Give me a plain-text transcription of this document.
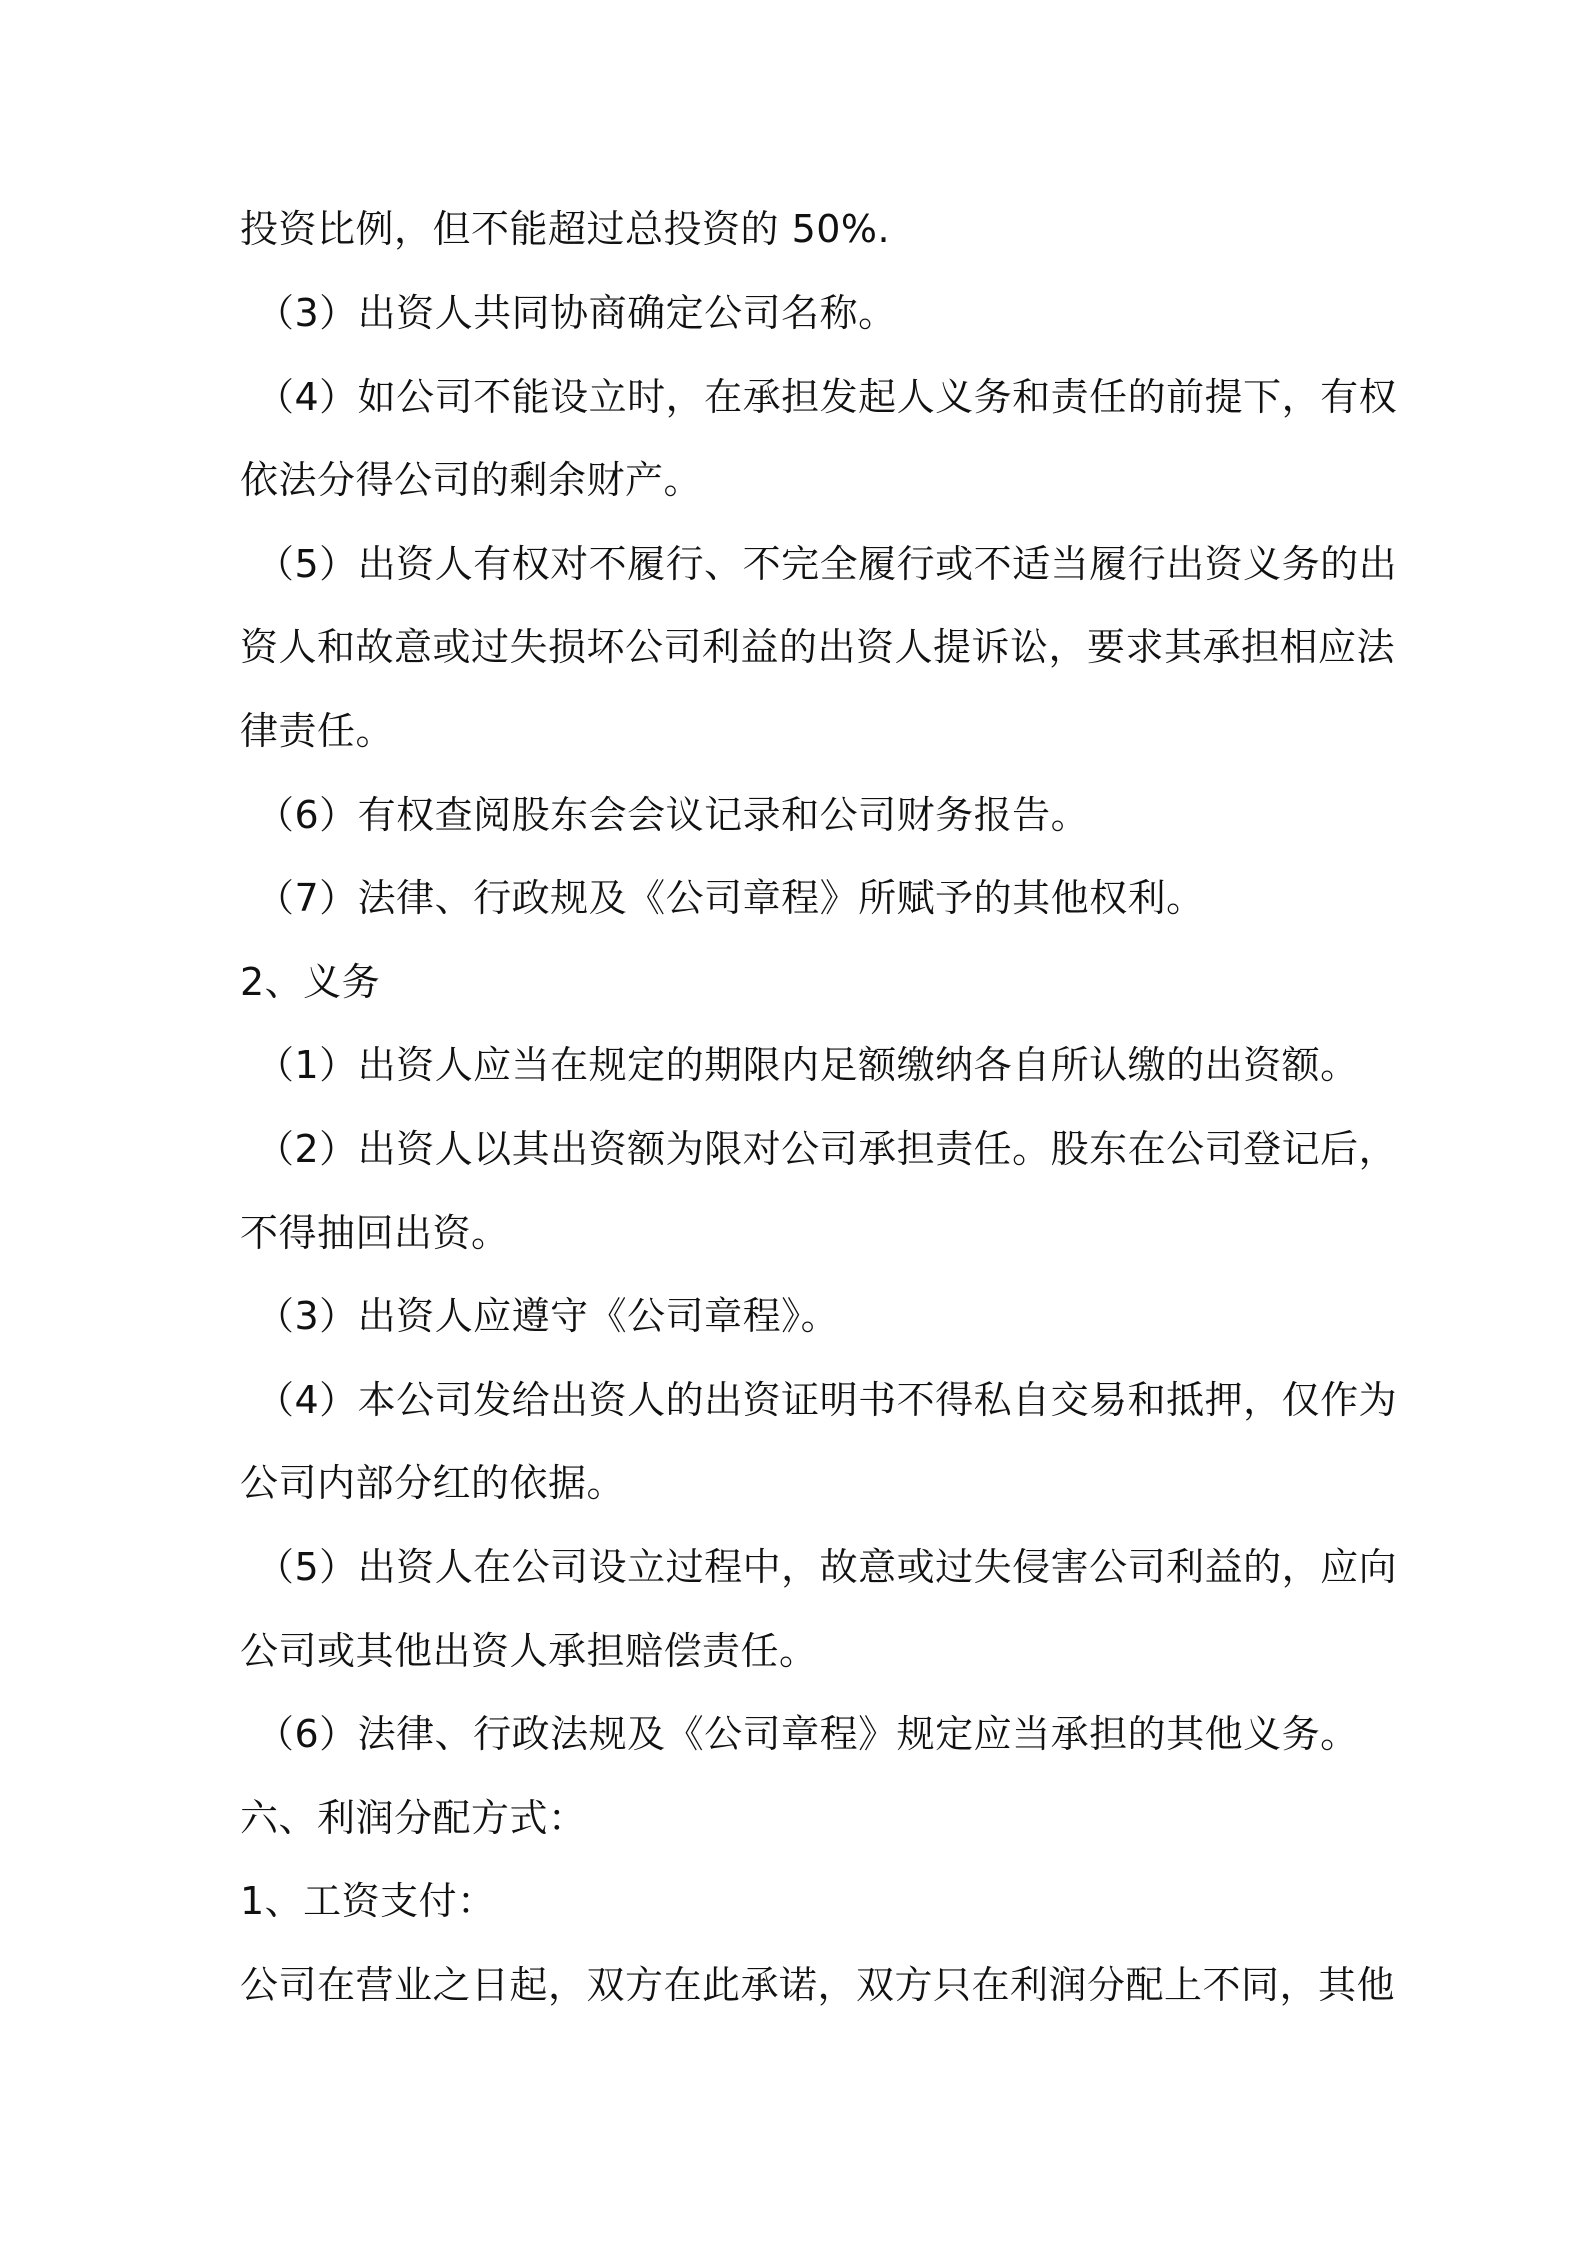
投资比例，但不能超过总投资的 50%.
（3）出资人共同协商确定公司名称。
（4）如公司不能设立时，在承担发起人义务和责任的前提下，有权
依法分得公司的剩余财产。
（5）出资人有权对不履行、不完全履行或不适当履行出资义务的出
资人和故意或过失损坏公司利益的出资人提诉讼，要求其承担相应法
律责任。
（6）有权查阅股东会会议记录和公司财务报告。
（7）法律、行政规及《公司章程》所赋予的其他权利。
2、义务
（1）出资人应当在规定的期限内足额缴纳各自所认缴的出资额。
（2）出资人以其出资额为限对公司承担责任。股东在公司登记后，
不得抽回出资。
（3）出资人应遵守《公司章程》。
（4）本公司发给出资人的出资证明书不得私自交易和抵押，仅作为
公司内部分红的依据。
（5）出资人在公司设立过程中，故意或过失侵害公司利益的，应向
公司或其他出资人承担赔偿责任。
（6）法律、行政法规及《公司章程》规定应当承担的其他义务。
六、利润分配方式：
1、工资支付：
公司在营业之日起，双方在此承诺，双方只在利润分配上不同，其他
